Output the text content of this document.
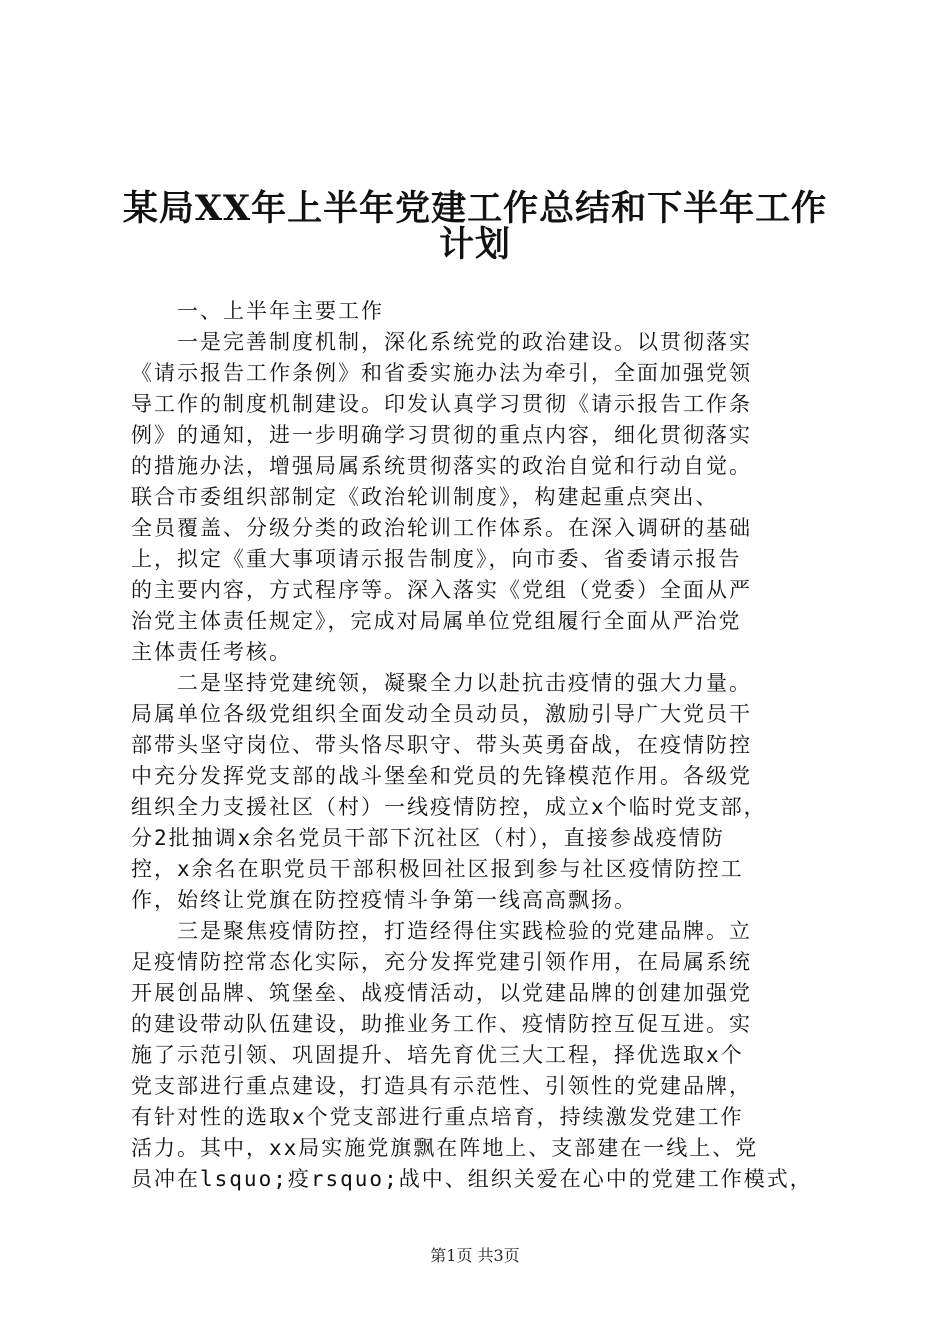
某局XX年上半年党建工作总结和下半年工作
计划
　　一、上半年主要工作
　　一是完善制度机制，深化系统党的政治建设。以贯彻落实
《请示报告工作条例》和省委实施办法为牵引，全面加强党领
导工作的制度机制建设。印发认真学习贯彻《请示报告工作条
例》的通知，进一步明确学习贯彻的重点内容，细化贯彻落实
的措施办法，增强局属系统贯彻落实的政治自觉和行动自觉。
联合市委组织部制定《政治轮训制度》，构建起重点突出、
全员覆盖、分级分类的政治轮训工作体系。在深入调研的基础
上，拟定《重大事项请示报告制度》，向市委、省委请示报告
的主要内容，方式程序等。深入落实《党组（党委）全面从严
治党主体责任规定》，完成对局属单位党组履行全面从严治党
主体责任考核。
　　二是坚持党建统领，凝聚全力以赴抗击疫情的强大力量。
局属单位各级党组织全面发动全员动员，激励引导广大党员干
部带头坚守岗位、带头恪尽职守、带头英勇奋战，在疫情防控
中充分发挥党支部的战斗堡垒和党员的先锋模范作用。各级党
组织全力支援社区（村）一线疫情防控，成立x个临时党支部，
分2批抽调x余名党员干部下沉社区（村），直接参战疫情防
控，x余名在职党员干部积极回社区报到参与社区疫情防控工
作，始终让党旗在防控疫情斗争第一线高高飘扬。
　　三是聚焦疫情防控，打造经得住实践检验的党建品牌。立
足疫情防控常态化实际，充分发挥党建引领作用，在局属系统
开展创品牌、筑堡垒、战疫情活动，以党建品牌的创建加强党
的建设带动队伍建设，助推业务工作、疫情防控互促互进。实
施了示范引领、巩固提升、培先育优三大工程，择优选取x个
党支部进行重点建设，打造具有示范性、引领性的党建品牌，
有针对性的选取x个党支部进行重点培育，持续激发党建工作
活力。其中，xx局实施党旗飘在阵地上、支部建在一线上、党
员冲在lsquo;疫rsquo;战中、组织关爱在心中的党建工作模式，
第1页 共3页
